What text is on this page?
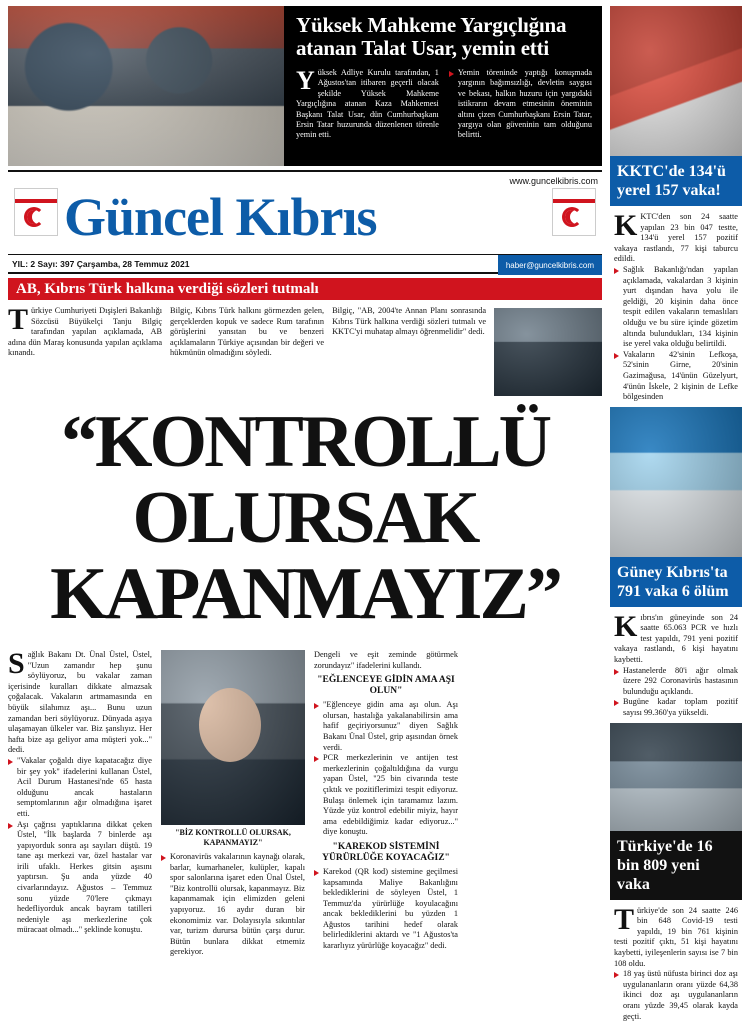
Yüksek Mahkeme Yargıçlığına atanan Talat Usar, yemin etti
Yüksek Adliye Kurulu tarafından, 1 Ağustos'tan itibaren geçerli olacak şekilde Yüksek Mahkeme Yargıçlığına atanan Kaza Mahkemesi Başkanı Talat Usar, dün Cumhurbaşkanı Ersin Tatar huzurunda düzenlenen törenle yemin etti.
Yemin töreninde yaptığı konuşmada yargının bağımsızlığı, devletin saygısı ve bekası, halkın huzuru için yargıdaki istikrarın devam etmesinin öneminin altını çizen Cumhurbaşkanı Ersin Tatar, yargıya olan güveninin tam olduğunu belirtti.
www.guncelkibris.com
Güncel Kıbrıs
YIL: 2 Sayı: 397 Çarşamba, 28 Temmuz 2021	haber@guncelkibris.com
AB, Kıbrıs Türk halkına verdiği sözleri tutmalı
Türkiye Cumhuriyeti Dışişleri Bakanlığı Sözcüsü Büyükelçi Tanju Bilgiç tarafından yapılan açıklamada, AB adına dün Maraş konusunda yapılan açıklama kınandı.
Bilgiç, Kıbrıs Türk halkını görmezden gelen, gerçeklerden kopuk ve sadece Rum tarafının görüşlerini yansıtan bu ve benzeri açıklamaların Türkiye açısından bir değeri ve hükmünün olmadığını söyledi.
Bilgiç, "AB, 2004'te Annan Planı sonrasında Kıbrıs Türk halkına verdiği sözleri tutmalı ve KKTC'yi muhatap almayı öğrenmelidir" dedi.
“KONTROLLÜ OLURSAK
KAPANMAYIZ”
Sağlık Bakanı Dt. Ünal Üstel, Üstel, "Uzun zamandır hep şunu söylüyoruz, bu vakalar zaman içerisinde kuralları dikkate almazsak çoğalacak. Vakaların artmamasında en büyük silahımız aşı... Bunu uzun zamandan beri söylüyoruz. Dünyada aşıya ulaşamayan ülkeler var. Biz şanslıyız. Her hafta bize aşı geliyor ama müşteri yok..." dedi.
"Vakalar çoğaldı diye kapatacağız diye bir şey yok" ifadelerini kullanan Üstel, Acil Durum Hastanesi'nde 65 hasta olduğunu ancak hastaların semptomlarının ağır olmadığına işaret etti.
Aşı çağrısı yaptıklarına dikkat çeken Üstel, "İlk başlarda 7 binlerde aşı yapıyorduk sonra aşı sayıları düştü. 19 tane aşı merkezi var, özel hastalar var irili ufaklı. Herkes gitsin aşısını yaptırsın. Şu anda yüzde 40 civarlarındayız. Ağustos – Temmuz sonu yüzde 70'lere çıkmayı hedefliyorduk ancak bayram tatilleri nedeniyle aşı merkezlerine çok müracaat olmadı..." şeklinde konuştu.
"BİZ KONTROLLÜ OLURSAK, KAPANMAYIZ"
Koronavirüs vakalarının kaynağı olarak, barlar, kumarhaneler, kulüpler, kapalı spor salonlarına işaret eden Ünal Üstel, "Biz kontrollü olursak, kapanmayız. Biz kapanmamak için elimizden geleni yapıyoruz. 16 aydır duran bir ekonomimiz var. Dolayısıyla sıkıntılar var, turizm durursa bütün çarşı durur. Bütün bunlara dikkat etmemiz gerekiyor.
Dengeli ve eşit zeminde götürmek zorundayız" ifadelerini kullandı.
"EĞLENCEYE GİDİN AMA AŞI OLUN"
"Eğlenceye gidin ama aşı olun. Aşı olursan, hastalığa yakalanabilirsin ama hafif geçiriyorsunuz" diyen Sağlık Bakanı Ünal Üstel, grip aşısından örnek verdi.
PCR merkezlerinin ve antijen test merkezlerinin çoğaltıldığına da vurgu yapan Üstel, "25 bin civarında teste çıktık ve pozitiflerimizi tespit ediyoruz. Bulaşı önlemek için taramamız lazım. Yüzde yüz kontrol edebilir miyiz, hayır ama edebildiğimiz kadar ediyoruz..." diye konuştu.
"KAREKOD SİSTEMİNİ YÜRÜRLÜĞE KOYACAĞIZ"
Karekod (QR kod) sistemine geçilmesi kapsamında Maliye Bakanlığını beklediklerini de söyleyen Üstel, 1 Temmuz'da yürürlüğe koyulacağını ancak beklediklerini bu yüzden 1 Ağustos tarihini hedef olarak belirlediklerini aktardı ve "1 Ağustos'ta kararlıyız yürürlüğe koyacağız" dedi.
KKTC'de 134'ü yerel 157 vaka!
KKTC'den son 24 saatte yapılan 23 bin 047 testte, 134'ü yerel 157 pozitif vakaya rastlandı, 77 kişi taburcu edildi.
Sağlık Bakanlığı'ndan yapılan açıklamada, vakalardan 3 kişinin yurt dışından hava yolu ile geldiği, 20 kişinin daha önce tespit edilen vakaların temaslıları olduğu ve bu süre içinde gözetim altında bulundukları, 134 kişinin ise yerel vaka olduğu belirtildi.
Vakaların 42'sinin Lefkoşa, 52'sinin Girne, 20'sinin Gazimağusa, 14'ünün Güzelyurt, 4'ünün İskele, 2 kişinin de Lefke bölgesinden
Güney Kıbrıs'ta 791 vaka 6 ölüm
Kıbrıs'ın güneyinde son 24 saatte 65.063 PCR ve hızlı test yapıldı, 791 yeni pozitif vakaya rastlandı, 6 kişi hayatını kaybetti.
Hastanelerde 80'i ağır olmak üzere 292 Coronavirüs hastasının bulunduğu açıklandı.
Bugüne kadar toplam pozitif sayısı 99.360'ya yükseldi.
Türkiye'de 16 bin 809 yeni vaka
Türkiye'de son 24 saatte 246 bin 648 Covid-19 testi yapıldı, 19 bin 761 kişinin testi pozitif çıktı, 51 kişi hayatını kaybetti, iyileşenlerin sayısı ise 7 bin 108 oldu.
18 yaş üstü nüfusta birinci doz aşı uygulananların oranı yüzde 64,38 ikinci doz aşı uygulananların oranı yüzde 39,45 olarak kayda geçti.
